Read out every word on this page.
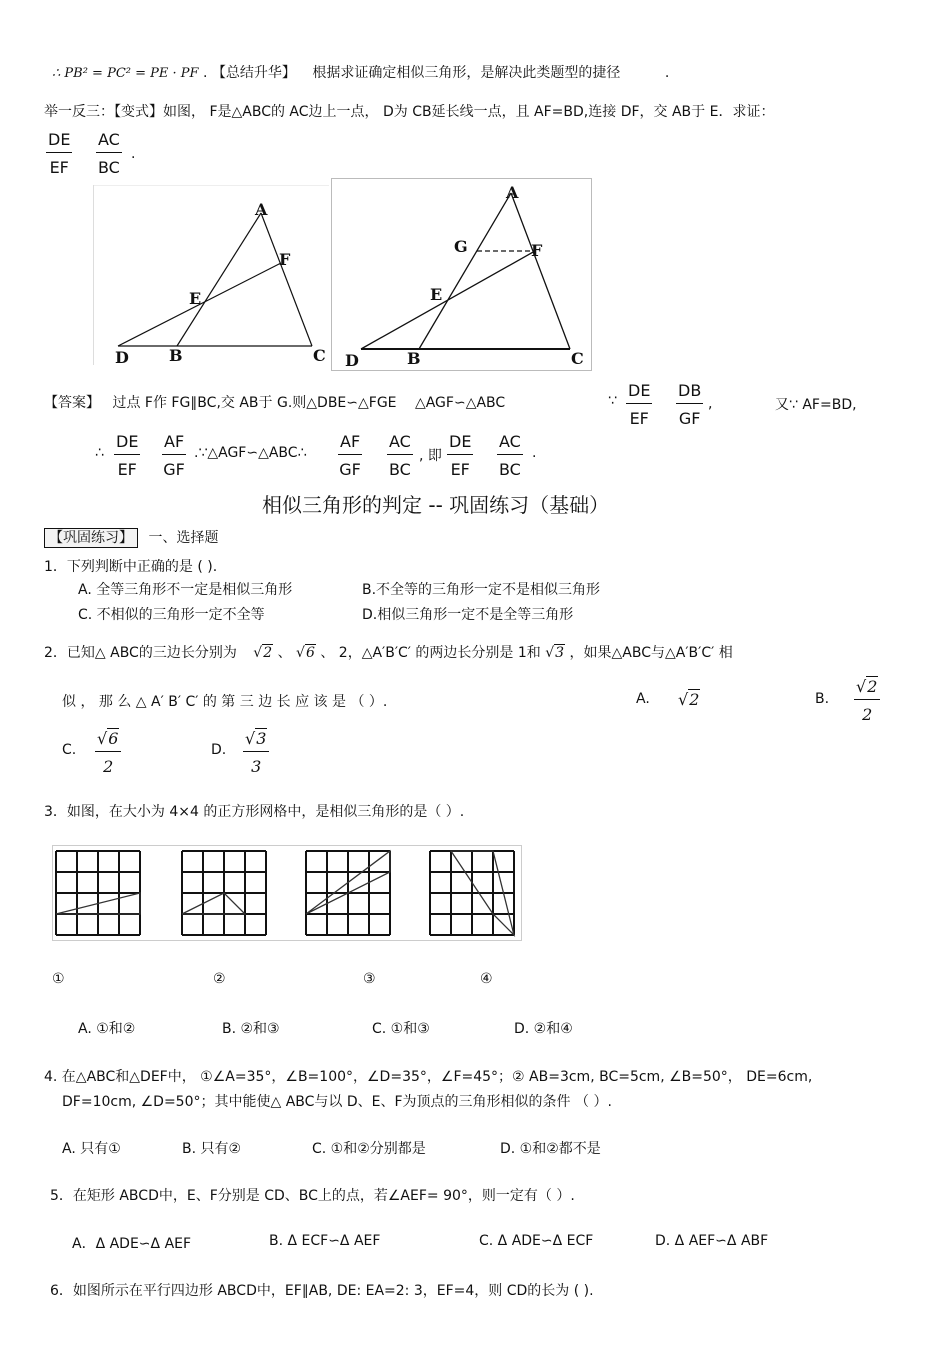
∴ PB² = PC² = PE · PF . 【总结升华】 根据求证确定相似三角形，是解决此类题型的捷径	.
举一反三：【变式】如图， F是△ABC的 AC边上一点， D为 CB延长线一点，且 AF=BD,连接 DF，交 AB于 E．求证：
$\frac{DE}{EF} \frac{AC}{BC}$ .
A
F
E
D	B	C
A
G	F
E
D	B	C
【答案】 过点 F作 FG∥BC,交 AB于 G.则△DBE∽△FGE　 △AGF∽△ABC	∵ $\frac{DE}{EF} \frac{DB}{GF}$ ,	又∵ AF=BD,
∴ $\frac{DE}{EF} \frac{AF}{GF}$ .∵△AGF∽△ABC∴ $\frac{AF}{GF} \frac{AC}{BC}$ , 即 $\frac{DE}{EF} \frac{AC}{BC}$ .
相似三角形的判定 -- 巩固练习（基础）
【巩固练习】 一、选择题
1．下列判断中正确的是 ( ).
A. 全等三角形不一定是相似三角形	B.不全等的三角形一定不是相似三角形
C. 不相似的三角形一定不全等	D.相似三角形一定不是全等三角形
2．已知△ ABC的三边长分别为 √2 、 √6 、 2，△A′B′C′ 的两边长分别是 1和 √3 ，如果△ABC与△A′B′C′ 相
似 ， 那 么 △ A′ B′ C′ 的 第 三 边 长 应 该 是 （ ）.	A. √2	B. $\frac{√2}{2}$
C. $\frac{√6}{2}$	D. $\frac{√3}{3}$
3．如图，在大小为 4×4 的正方形网格中，是相似三角形的是（ ）.
①	②	③	④
A. ①和②	B. ②和③	C. ①和③	D. ②和④
4. 在△ABC和△DEF中， ①∠A=35°，∠B=100°，∠D=35°，∠F=45°；② AB=3cm, BC=5cm, ∠B=50°， DE=6cm,
DF=10cm, ∠D=50°；其中能使△ ABC与以 D、E、F为顶点的三角形相似的条件 （ ）.
A. 只有①	B. 只有②	C. ①和②分别都是	D. ①和②都不是
5．在矩形 ABCD中，E、F分别是 CD、BC上的点，若∠AEF= 90°，则一定有（ ）.
A．Δ ADE∽Δ AEF	B. Δ ECF∽Δ AEF	C. Δ ADE∽Δ ECF	D. Δ AEF∽Δ ABF
6．如图所示在平行四边形 ABCD中，EF∥AB, DE: EA=2: 3，EF=4，则 CD的长为 ( ).
